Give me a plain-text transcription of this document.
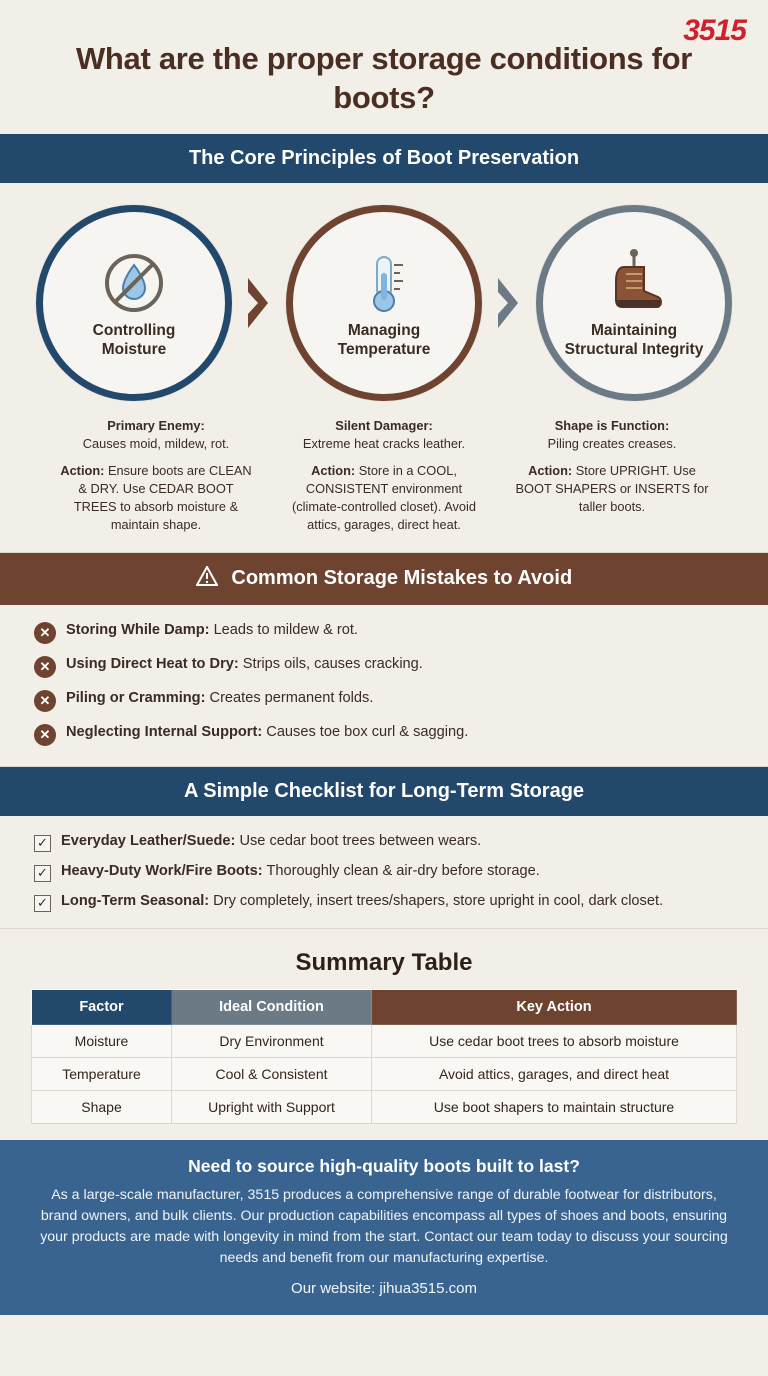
3515
What are the proper storage conditions for boots?
The Core Principles of Boot Preservation
Controlling Moisture
Managing Temperature
Maintaining Structural Integrity
Primary Enemy:
Causes moid, mildew, rot.
Action: Ensure boots are CLEAN & DRY. Use CEDAR BOOT TREES to absorb moisture & maintain shape.
Silent Damager:
Extreme heat cracks leather.
Action: Store in a COOL, CONSISTENT environment (climate-controlled closet). Avoid attics, garages, direct heat.
Shape is Function:
Piling creates creases.
Action: Store UPRIGHT. Use BOOT SHAPERS or INSERTS for taller boots.
Common Storage Mistakes to Avoid
✕	Storing While Damp: Leads to mildew & rot.
✕	Using Direct Heat to Dry: Strips oils, causes cracking.
✕	Piling or Cramming: Creates permanent folds.
✕	Neglecting Internal Support: Causes toe box curl & sagging.
A Simple Checklist for Long-Term Storage
✓ Everyday Leather/Suede: Use cedar boot trees between wears.
✓ Heavy-Duty Work/Fire Boots: Thoroughly clean & air-dry before storage.
✓ Long-Term Seasonal: Dry completely, insert trees/shapers, store upright in cool, dark closet.
Summary Table
Factor	Ideal Condition	Key Action
Moisture	Dry Environment	Use cedar boot trees to absorb moisture
Temperature	Cool & Consistent	Avoid attics, garages, and direct heat
Shape	Upright with Support	Use boot shapers to maintain structure
Need to source high-quality boots built to last?
As a large-scale manufacturer, 3515 produces a comprehensive range of durable footwear for distributors, brand owners, and bulk clients. Our production capabilities encompass all types of shoes and boots, ensuring your products are made with longevity in mind from the start. Contact our team today to discuss your sourcing needs and benefit from our manufacturing expertise.
Our website: jihua3515.com
